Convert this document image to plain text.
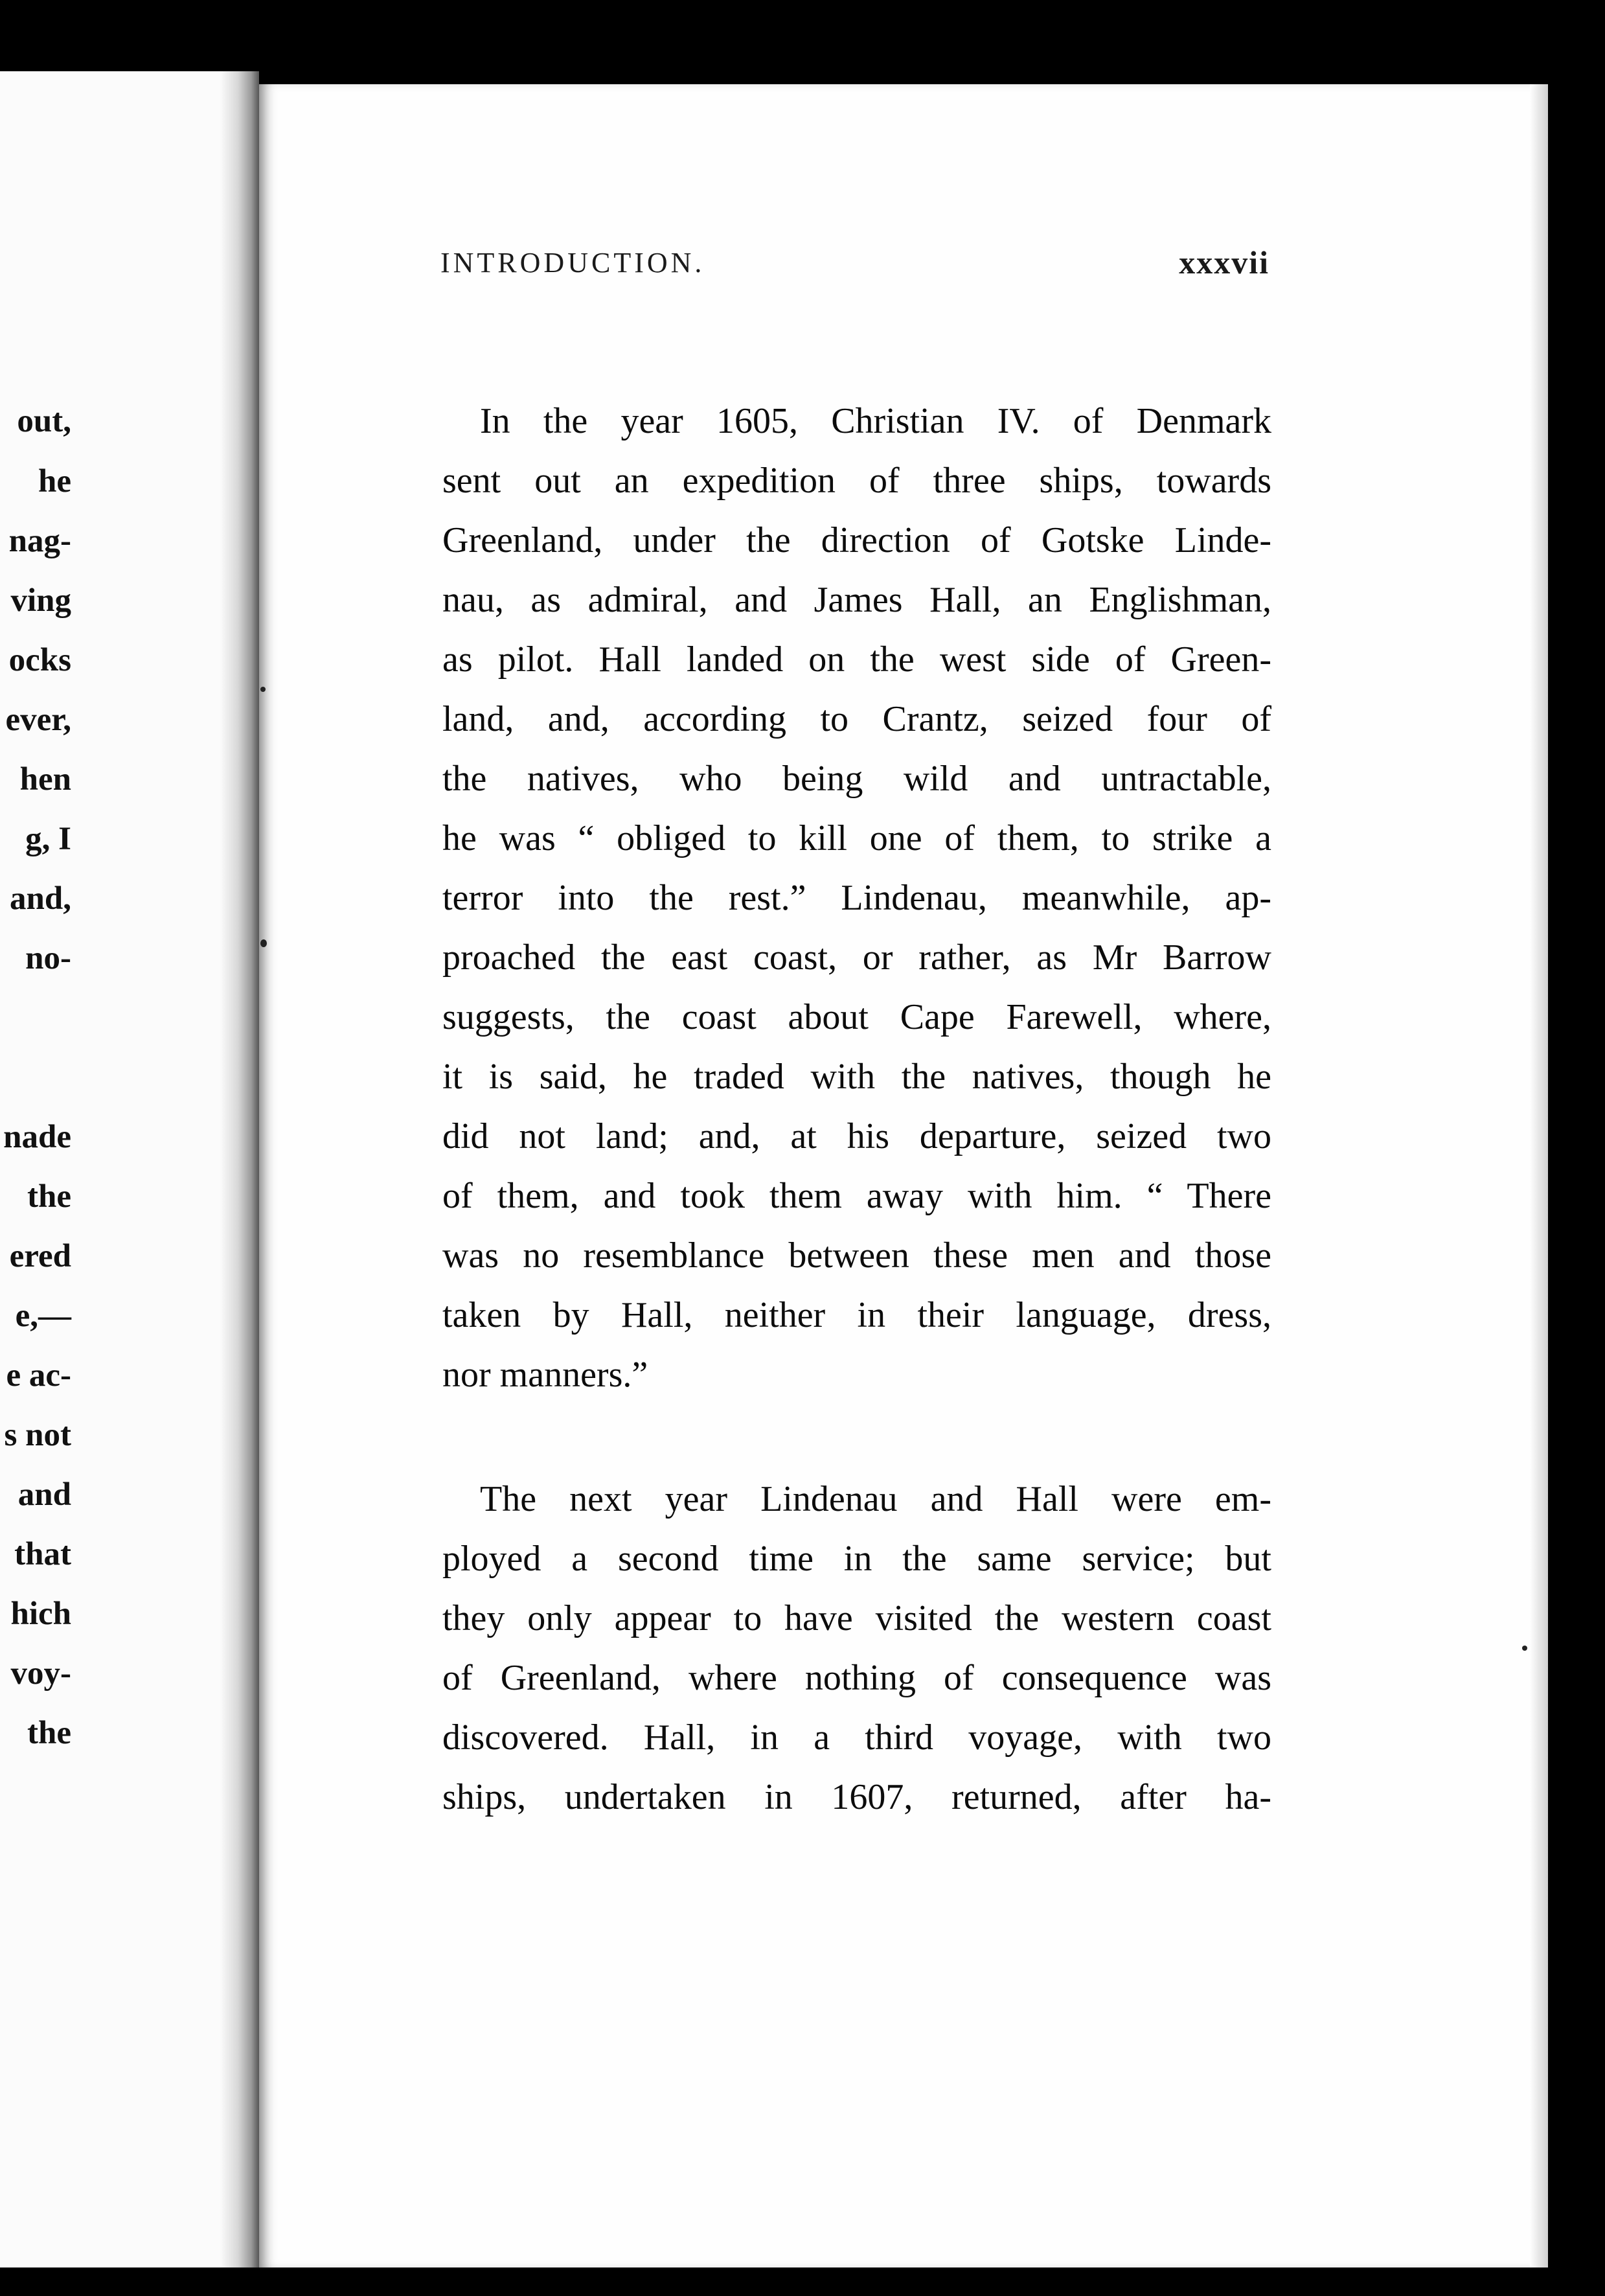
out,
he
nag-
ving
ocks
ever,
hen
g, I
and,
no-
nade
the
ered
e,—
e ac-
s not
and
that
hich
voy-
the
INTRODUCTION.	xxxvii
In the year 1605, Christian IV. of Denmark
sent out an expedition of three ships, towards
Greenland, under the direction of Gotske Linde-
nau, as admiral, and James Hall, an Englishman,
as pilot. Hall landed on the west side of Green-
land, and, according to Crantz, seized four of
the natives, who being wild and untractable,
he was “ obliged to kill one of them, to strike a
terror into the rest.” Lindenau, meanwhile, ap-
proached the east coast, or rather, as Mr Barrow
suggests, the coast about Cape Farewell, where,
it is said, he traded with the natives, though he
did not land; and, at his departure, seized two
of them, and took them away with him. “ There
was no resemblance between these men and those
taken by Hall, neither in their language, dress,
nor manners.”
The next year Lindenau and Hall were em-
ployed a second time in the same service; but
they only appear to have visited the western coast
of Greenland, where nothing of consequence was
discovered. Hall, in a third voyage, with two
ships, undertaken in 1607, returned, after ha-
